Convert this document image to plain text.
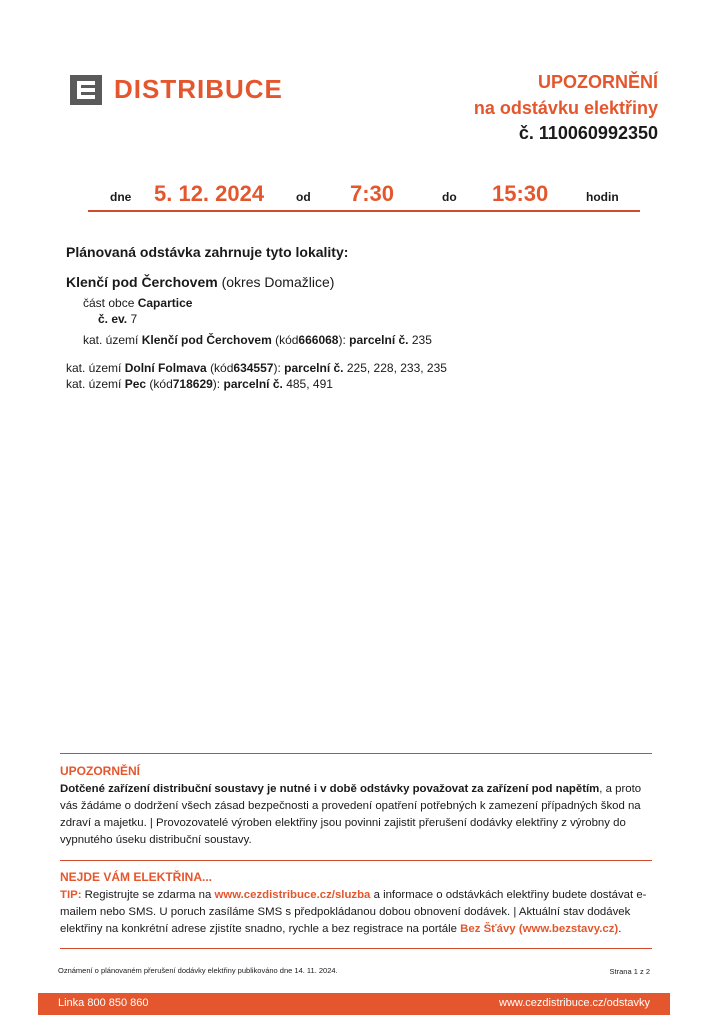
DISTRIBUCE	UPOZORNĚNÍ
na odstávku elektřiny
č. 110060992350
dne 5. 12. 2024	od 7:30	do 15:30	hodin
Plánovaná odstávka zahrnuje tyto lokality:
Klenčí pod Čerchovem (okres Domažlice)
část obce Capartice
č. ev. 7
kat. území Klenčí pod Čerchovem (kód666068): parcelní č. 235
kat. území Dolní Folmava (kód634557): parcelní č. 225, 228, 233, 235
kat. území Pec (kód718629): parcelní č. 485, 491
UPOZORNĚNÍ
Dotčené zařízení distribuční soustavy je nutné i v době odstávky považovat za zařízení pod napětím, a proto vás žádáme o dodržení všech zásad bezpečnosti a provedení opatření potřebných k zamezení případných škod na zdraví a majetku. | Provozovatelé výroben elektřiny jsou povinni zajistit přerušení dodávky elektřiny z výrobny do vypnutého úseku distribuční soustavy.
NEJDE VÁM ELEKTŘINA...
TIP: Registrujte se zdarma na www.cezdistribuce.cz/sluzba a informace o odstávkách elektřiny budete dostávat e-mailem nebo SMS. U poruch zasíláme SMS s předpokládanou dobou obnovení dodávek. | Aktuální stav dodávek elektřiny na konkrétní adrese zjistíte snadno, rychle a bez registrace na portále Bez Šťávy (www.bezstavy.cz).
Oznámení o plánovaném přerušení dodávky elektřiny publikováno dne 14. 11. 2024.	Strana 1 z 2
Linka 800 850 860	www.cezdistribuce.cz/odstavky
